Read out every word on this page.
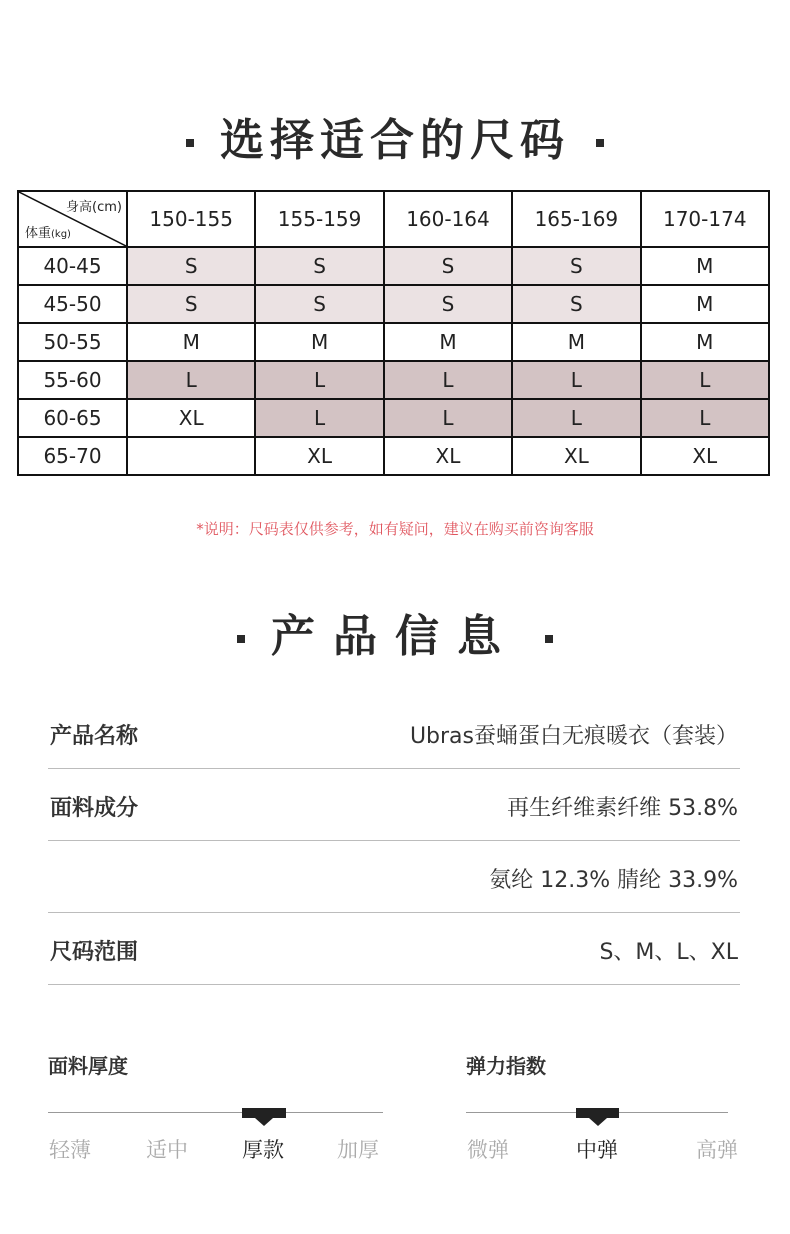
选择适合的尺码
身高(cm)
体重(kg)	150-155	155-159	160-164	165-169	170-174
40-45	S	S	S	S	M
45-50	S	S	S	S	M
50-55	M	M	M	M	M
55-60	L	L	L	L	L
60-65	XL	L	L	L	L
65-70		XL	XL	XL	XL
*说明：尺码表仅供参考，如有疑问，建议在购买前咨询客服
产品信息
产品名称	Ubras蚕蛹蛋白无痕暖衣（套装）
面料成分	再生纤维素纤维 53.8%
氨纶 12.3% 腈纶 33.9%
尺码范围	S、M、L、XL
面料厚度
轻薄	适中	厚款	加厚
弹力指数
微弹	中弹	高弹
